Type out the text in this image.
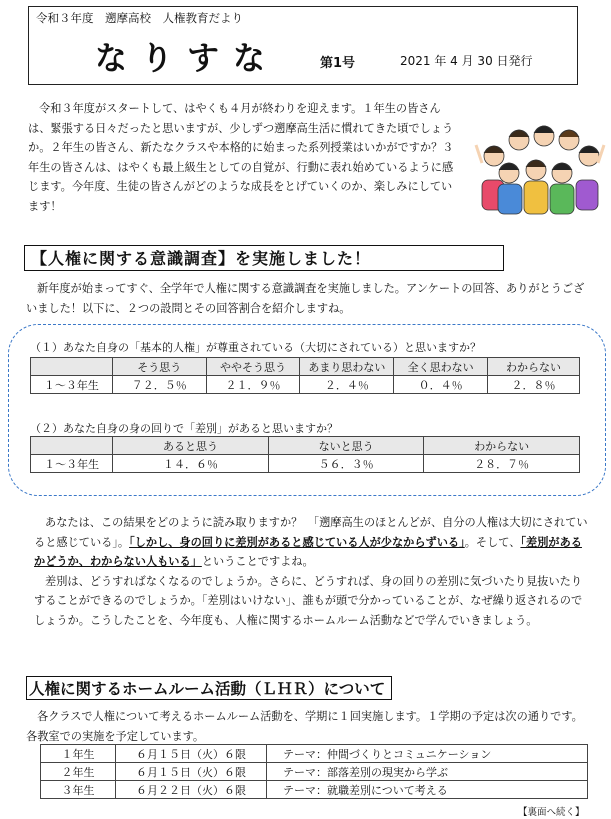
令和３年度　遡摩高校　人権教育だより
なりすな	第1号	2021 年 4 月 30 日発行
令和３年度がスタートして、はやくも４月が終わりを迎えます。１年生の皆さんは、緊張する日々だったと思いますが、少しずつ遡摩高生活に慣れてきた頃でしょうか。２年生の皆さん、新たなクラスや本格的に始まった系列授業はいかがですか？３年生の皆さんは、はやくも最上級生としての自覚が、行動に表れ始めているように感じます。今年度、生徒の皆さんがどのような成長をとげていくのか、楽しみにしています！
【人権に関する意識調査】を実施しました！
新年度が始まってすぐ、全学年で人権に関する意識調査を実施しました。アンケートの回答、ありがとうございました！以下に、２つの設問とその回答割合を紹介しますね。
（１）あなた自身の「基本的人権」が尊重されている（大切にされている）と思いますか？
	そう思う	ややそう思う	あまり思わない	全く思わない	わからない
１～３年生	７２．５％	２１．９％	２．４％	０．４％	２．８％
（２）あなた自身の身の回りで「差別」があると思いますか？
	あると思う	ないと思う	わからない
１～３年生	１４．６％	５６．３％	２８．７％
あなたは、この結果をどのように読み取りますか？　「遡摩高生のほとんどが、自分の人権は大切にされていると感じている」。「しかし、身の回りに差別があると感じている人が少なからずいる」。そして、「差別があるかどうか、わからない人もいる」ということですよね。
差別は、どうすればなくなるのでしょうか。さらに、どうすれば、身の回りの差別に気づいたり見抜いたりすることができるのでしょうか。「差別はいけない」、誰もが頭で分かっていることが、なぜ繰り返されるのでしょうか。こうしたことを、今年度も、人権に関するホームルーム活動などで学んでいきましょう。
人権に関するホームルーム活動（ＬＨＲ）について
各クラスで人権について考えるホームルーム活動を、学期に１回実施します。１学期の予定は次の通りです。各教室での実施を予定しています。
１年生	６月１５日（火）６限	テーマ：仲間づくりとコミュニケーション
２年生	６月１５日（火）６限	テーマ：部落差別の現実から学ぶ
３年生	６月２２日（火）６限	テーマ：就職差別について考える
【裏面へ続く】
